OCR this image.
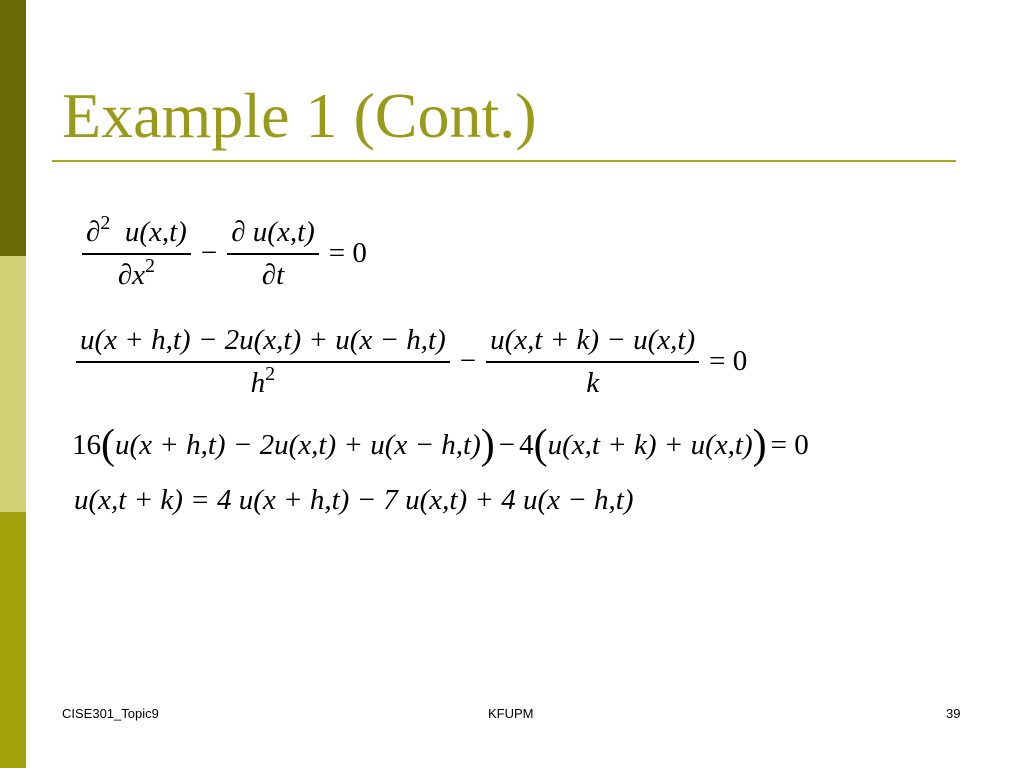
Example 1 (Cont.)
$\frac{\partial^2 u(x,t)}{\partial x^2} - \frac{\partial u(x,t)}{\partial t} = 0$
$\frac{u(x + h,t) - 2u(x,t) + u(x - h,t)}{h^2} - \frac{u(x,t + k) - u(x,t)}{k} = 0$
16 ( u(x + h,t) − 2u(x,t) + u(x − h,t) ) − 4 ( u(x,t + k) + u(x,t) ) = 0
u(x,t + k) = 4 u(x + h,t) − 7 u(x,t) + 4 u(x − h,t)
CISE301_Topic9	KFUPM	39
